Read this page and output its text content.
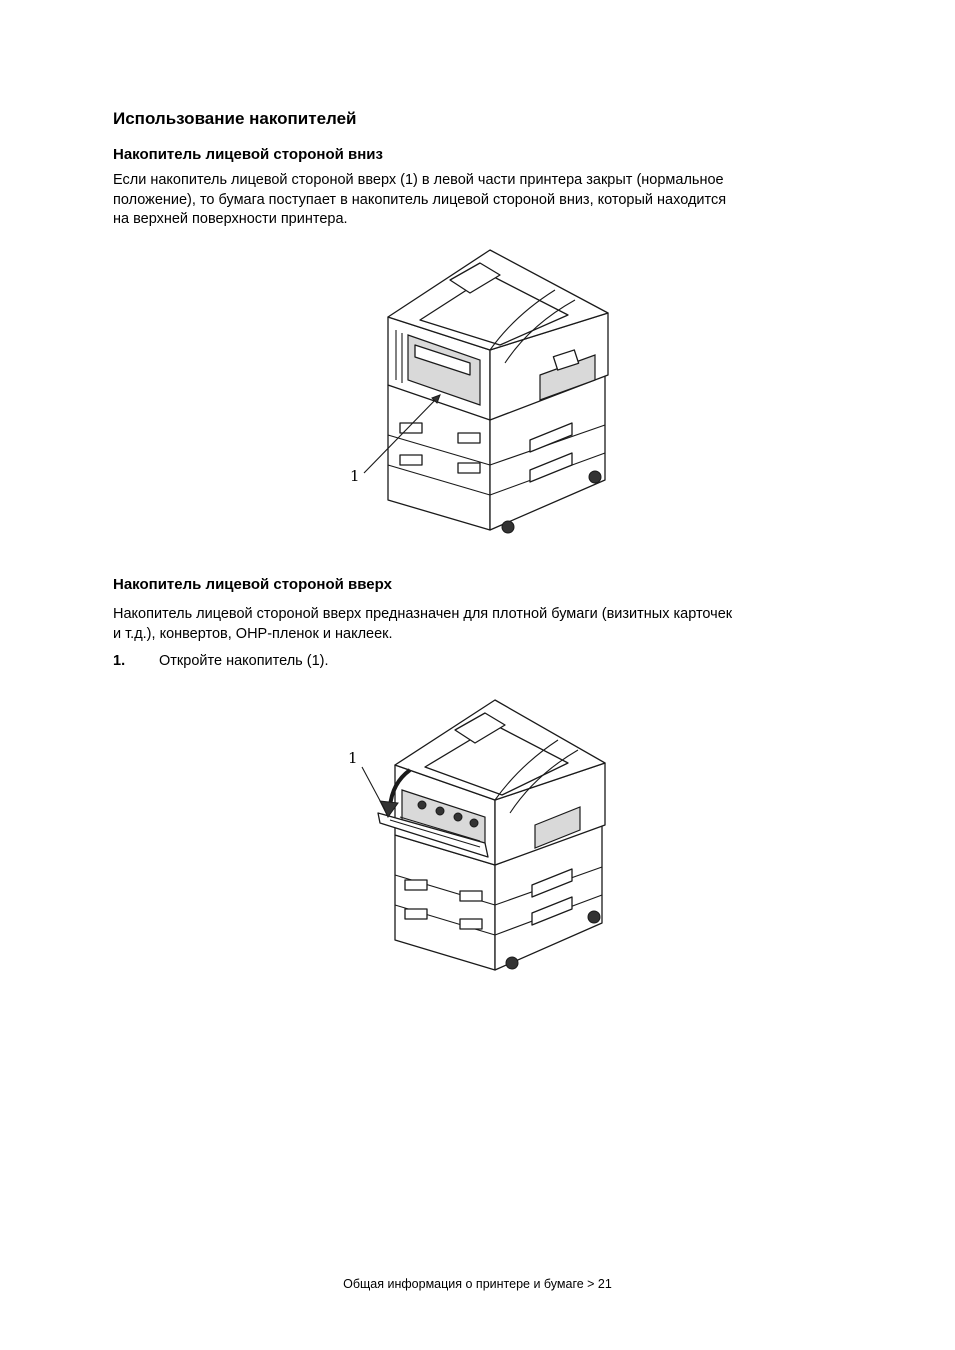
Использование накопителей
Накопитель лицевой стороной вниз

Если накопитель лицевой стороной вверх (1) в левой части принтера закрыт (нормальное
положение), то бумага поступает в накопитель лицевой стороной вниз, который находится
на верхней поверхности принтера.

1
Накопитель лицевой стороной вверх

Накопитель лицевой стороной вверх предназначен для плотной бумаги (визитных карточек
и т.д.), конвертов, OHP-пленок и наклеек.

1. Откройте накопитель (1).
1
Общая информация о принтере и бумаге > 21
